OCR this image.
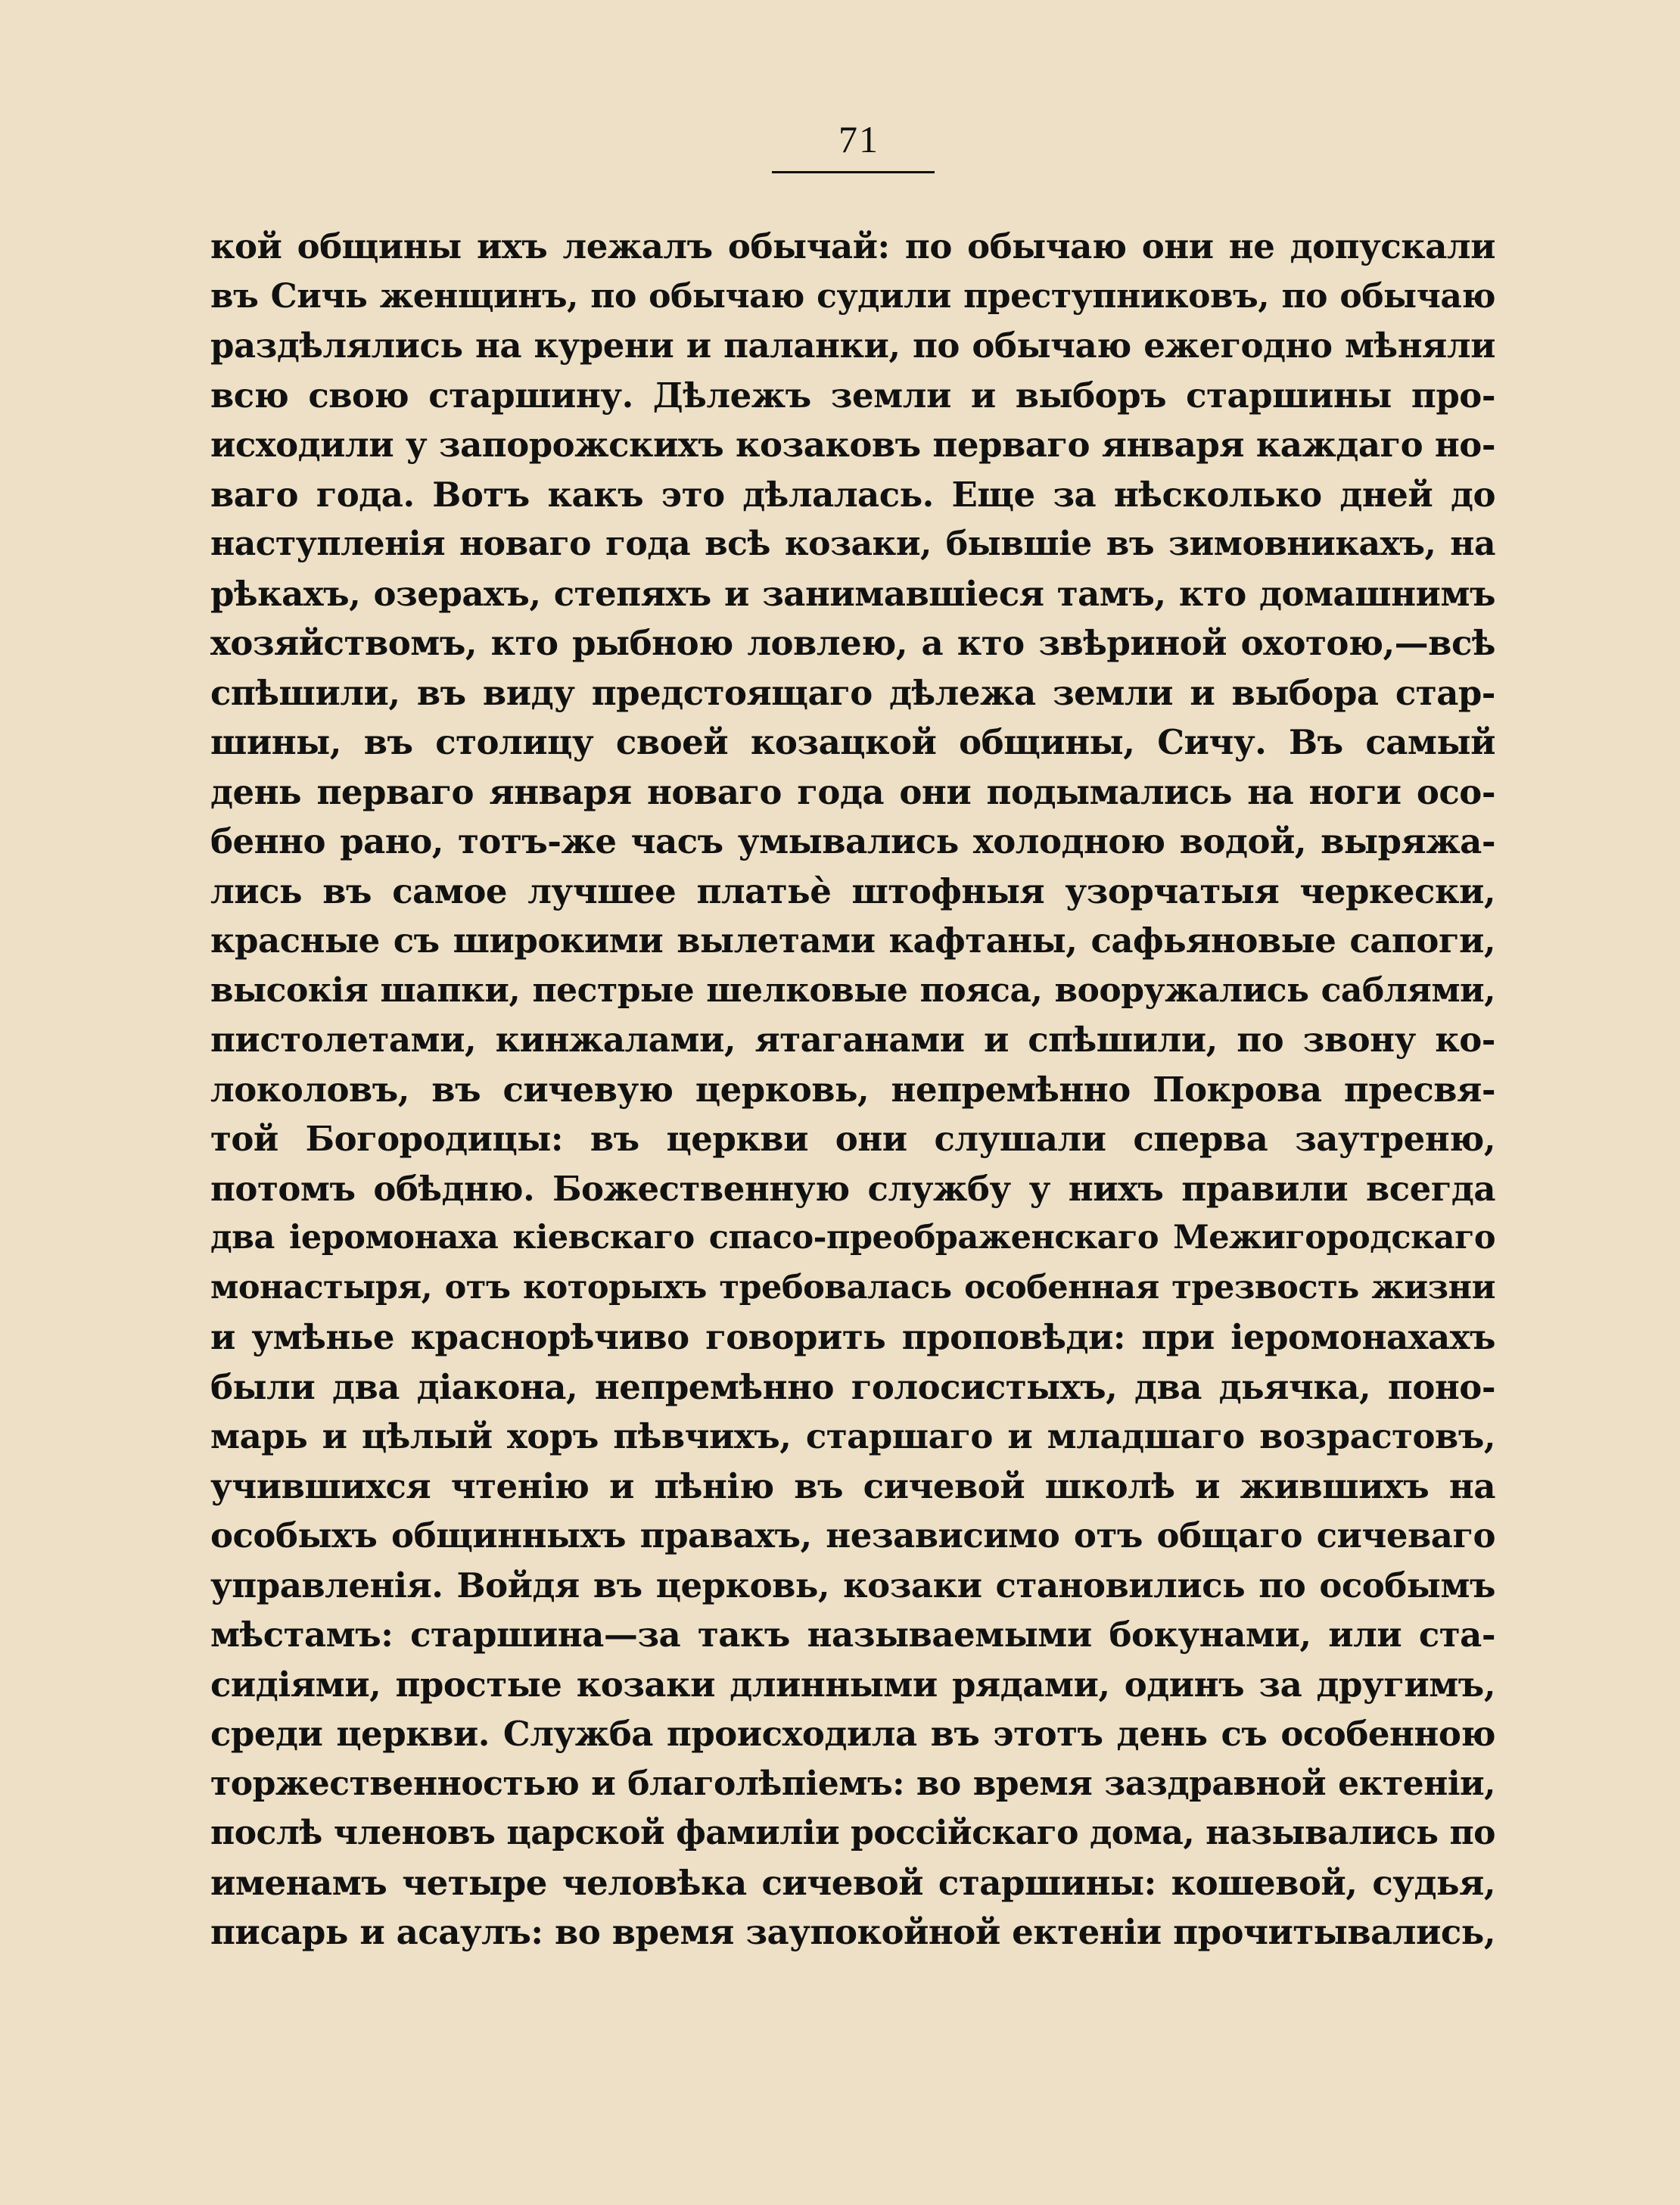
71
кой общины ихъ лежалъ обычай: по обычаю они не допускали
въ Сичь женщинъ, по обычаю судили преступниковъ, по обычаю
раздѣлялись на курени и паланки, по обычаю ежегодно мѣняли
всю свою старшину. Дѣлежъ земли и выборъ старшины про-
исходили у запорожскихъ козаковъ перваго января каждаго но-
ваго года. Вотъ какъ это дѣлалась. Еще за нѣсколько дней до
наступленія новаго года всѣ козаки, бывшіе въ зимовникахъ, на
рѣкахъ, озерахъ, степяхъ и занимавшіеся тамъ, кто домашнимъ
хозяйствомъ, кто рыбною ловлею, а кто звѣриной охотою,—всѣ
спѣшили, въ виду предстоящаго дѣлежа земли и выбора стар-
шины, въ столицу своей козацкой общины, Сичу. Въ самый
день перваго января новаго года они подымались на ноги осо-
бенно рано, тотъ-же часъ умывались холодною водой, выряжа-
лись въ самое лучшее платьѐ штофныя узорчатыя черкески,
красные съ широкими вылетами кафтаны, сафьяновые сапоги,
высокія шапки, пестрые шелковые пояса, вооружались саблями,
пистолетами, кинжалами, ятаганами и спѣшили, по звону ко-
локоловъ, въ сичевую церковь, непремѣнно Покрова пресвя-
той Богородицы: въ церкви они слушали сперва заутреню,
потомъ обѣдню. Божественную службу у нихъ правили всегда
два іеромонаха кіевскаго спасо-преображенскаго Межигородскаго
монастыря, отъ которыхъ требовалась особенная трезвость жизни
и умѣнье краснорѣчиво говорить проповѣди: при іеромонахахъ
были два діакона, непремѣнно голосистыхъ, два дьячка, поно-
марь и цѣлый хоръ пѣвчихъ, старшаго и младшаго возрастовъ,
учившихся чтенію и пѣнію въ сичевой школѣ и жившихъ на
особыхъ общинныхъ правахъ, независимо отъ общаго сичеваго
управленія. Войдя въ церковь, козаки становились по особымъ
мѣстамъ: старшина—за такъ называемыми бокунами, или ста-
сидіями, простые козаки длинными рядами, одинъ за другимъ,
среди церкви. Служба происходила въ этотъ день съ особенною
торжественностью и благолѣпіемъ: во время заздравной ектеніи,
послѣ членовъ царской фамиліи россійскаго дома, назывались по
именамъ четыре человѣка сичевой старшины: кошевой, судья,
писарь и асаулъ: во время заупокойной ектеніи прочитывались,
